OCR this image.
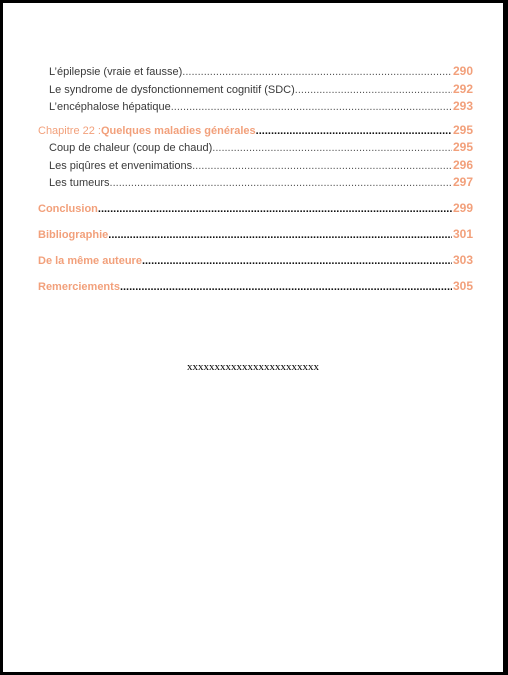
L’épilepsie (vraie et fausse) .....	290
Le syndrome de dysfonctionnement cognitif (SDC) .....	292
L’encéphalose hépatique .....	293
Chapitre 22 : Quelques maladies générales .....	295
Coup de chaleur (coup de chaud) .....	295
Les piqûres et envenimations .....	296
Les tumeurs .....	297
Conclusion .....	299
Bibliographie .....	301
De la même auteure .....	303
Remerciements .....	305
xxxxxxxxxxxxxxxxxxxxxxxx
